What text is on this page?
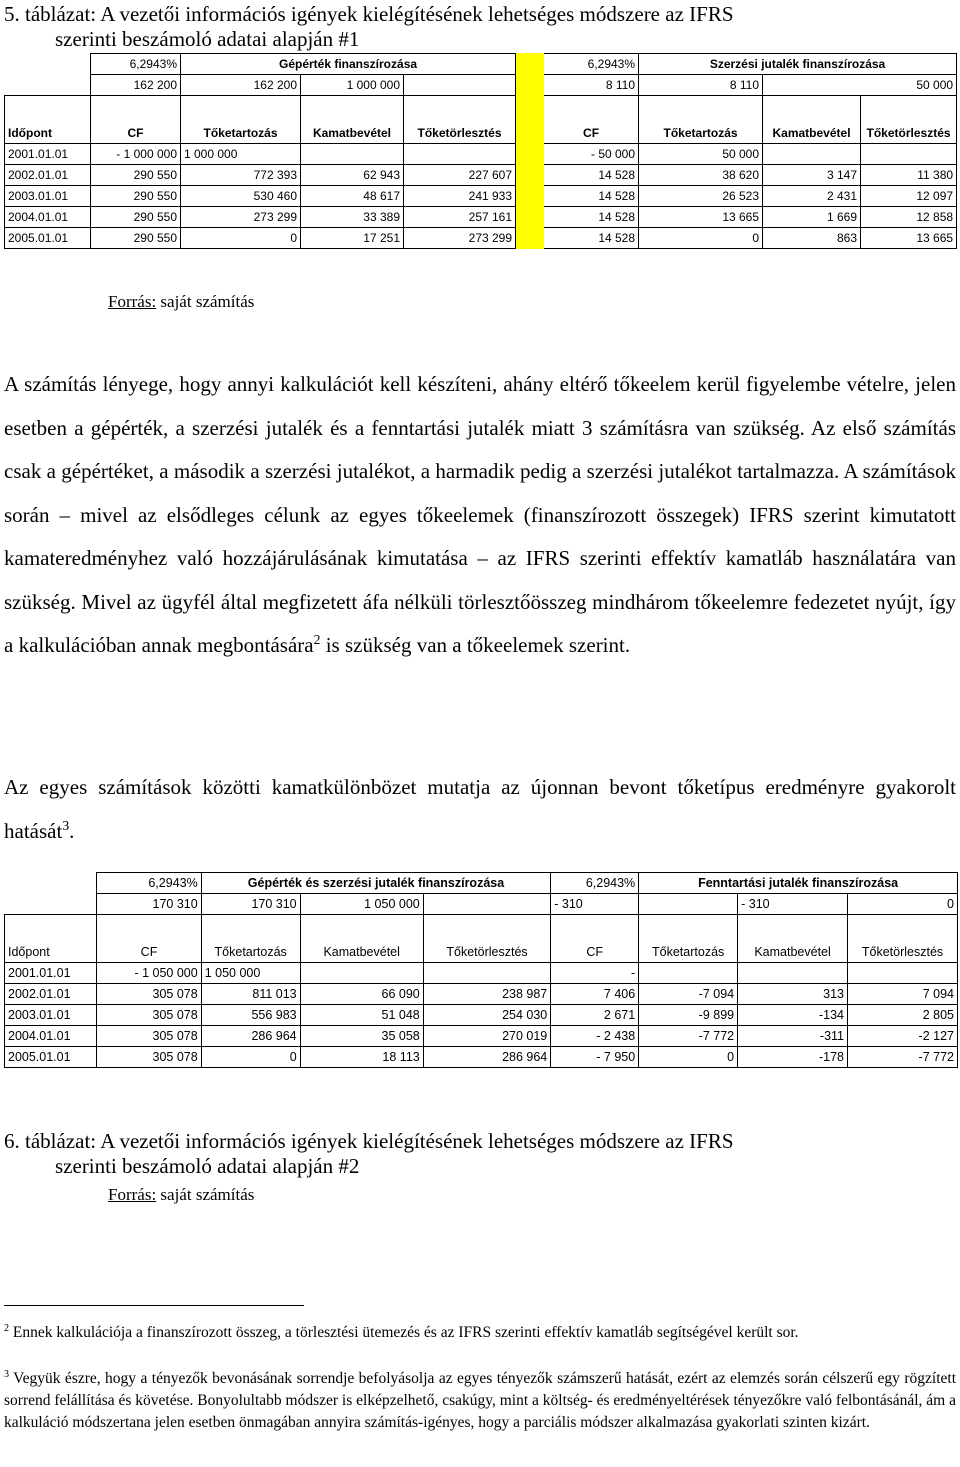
5. táblázat: A vezetői információs igények kielégítésének lehetséges módszere az IFRS
szerinti beszámoló adatai alapján #1
	6,2943%	Gépérték finanszírozása				6,2943%	Szerzési jutalék finanszírozása		
	162 200	162 200	1 000 000			8 110	8 110	50 000	
Időpont	CF	Tőketartozás	Kamatbevétel	Tőketörlesztés		CF	Tőketartozás	Kamatbevétel	Tőketörlesztés
2001.01.01	- 1 000 000	1 000 000				- 50 000	50 000		
2002.01.01	290 550	772 393	62 943	227 607		14 528	38 620	3 147	11 380
2003.01.01	290 550	530 460	48 617	241 933		14 528	26 523	2 431	12 097
2004.01.01	290 550	273 299	33 389	257 161		14 528	13 665	1 669	12 858
2005.01.01	290 550	0	17 251	273 299		14 528	0	863	13 665
Forrás: saját számítás

A számítás lényege, hogy annyi kalkulációt kell készíteni, ahány eltérő tőkeelem kerül figyelembe vételre, jelen esetben a gépérték, a szerzési jutalék és a fenntartási jutalék miatt 3 számításra van szükség. Az első számítás csak a gépértéket, a második a szerzési jutalékot, a harmadik pedig a szerzési jutalékot tartalmazza. A számítások során – mivel az elsődleges célunk az egyes tőkeelemek (finanszírozott összegek) IFRS szerint kimutatott kamateredményhez való hozzájárulásának kimutatása – az IFRS szerinti effektív kamatláb használatára van szükség. Mivel az ügyfél által megfizetett áfa nélküli törlesztőösszeg mindhárom tőkeelemre fedezetet nyújt, így a kalkulációban annak megbontására$^2$ is szükség van a tőkeelemek szerint.

Az egyes számítások közötti kamatkülönbözet mutatja az újonnan bevont tőketípus eredményre gyakorolt hatását$^3$.

	6,2943%	Gépérték és szerzési jutalék finanszírozása			6,2943%	Fenntartási jutalék finanszírozása		
	170 310	170 310	1 050 000		- 310		- 310	0
Időpont	CF	Tőketartozás	Kamatbevétel	Tőketörlesztés	CF	Tőketartozás	Kamatbevétel	Tőketörlesztés
2001.01.01	- 1 050 000	1 050 000			-			
2002.01.01	305 078	811 013	66 090	238 987	7 406	-7 094	313	7 094
2003.01.01	305 078	556 983	51 048	254 030	2 671	-9 899	-134	2 805
2004.01.01	305 078	286 964	35 058	270 019	- 2 438	-7 772	-311	-2 127
2005.01.01	305 078	0	18 113	286 964	- 7 950	0	-178	-7 772
6. táblázat: A vezetői információs igények kielégítésének lehetséges módszere az IFRS
szerinti beszámoló adatai alapján #2
Forrás: saját számítás
$^2$ Ennek kalkulációja a finanszírozott összeg, a törlesztési ütemezés és az IFRS szerinti effektív kamatláb segítségével került sor.
$^3$ Vegyük észre, hogy a tényezők bevonásának sorrendje befolyásolja az egyes tényezők számszerű hatását, ezért az elemzés során célszerű egy rögzített sorrend felállítása és követése. Bonyolultabb módszer is elképzelhető, csakúgy, mint a költség- és eredményeltérések tényezőkre való felbontásánál, ám a kalkuláció módszertana jelen esetben önmagában annyira számítás-igényes, hogy a parciális módszer alkalmazása gyakorlati szinten kizárt.
